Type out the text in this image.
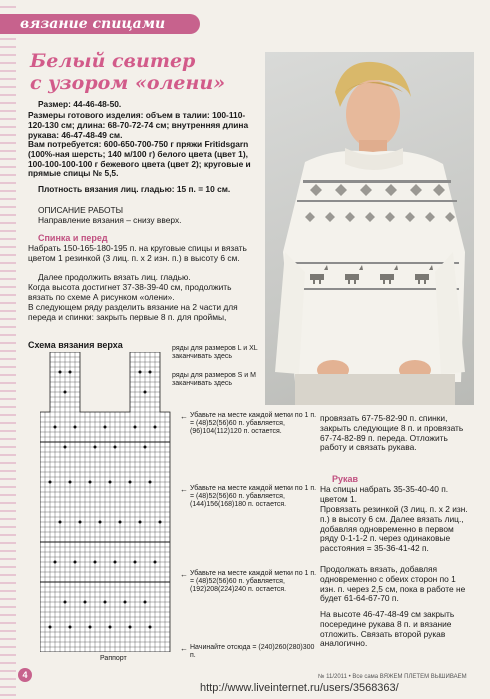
вязание спицами
Белый свитер
с узором «олени»
Размер: 44-46-48-50.
Размеры готового изделия: объем в талии: 100-110-120-130 см; длина: 68-70-72-74 см; внутренняя длина рукава: 46-47-48-49 см.
Вам потребуется: 600-650-700-750 г пряжи Fritidsgarn (100%-ная шерсть; 140 м/100 г) белого цвета (цвет 1), 100-100-100-100 г бежевого цвета (цвет 2); круговые и прямые спицы № 5,5.
Плотность вязания лиц. гладью: 15 п. = 10 см.
ОПИСАНИЕ РАБОТЫ
Направление вязания – снизу вверх.
Спинка и перед
Набрать 150-165-180-195 п. на круговые спицы и вязать цветом 1 резинкой (3 лиц. п. х 2 изн. п.) в высоту 6 см.
Далее продолжить вязать лиц. гладью.
Когда высота достигнет 37-38-39-40 см, продолжить вязать по схеме А рисунком «олени».
В следующем ряду разделить вязание на 2 части для переда и спинки: закрыть первые 8 п. для проймы,
Схема вязания верха	ряды для размеров L и XL заканчивать здесь
ряды для размеров S и M заканчивать здесь
← Убавьте на месте каждой метки по 1 п. = (48)52(56)60 п. убавляется, (96)104(112)120 п. остается.
← Убавьте на месте каждой метки по 1 п. = (48)52(56)60 п. убавляется, (144)156(168)180 п. остается.
← Убавьте на месте каждой метки по 1 п. = (48)52(56)60 п. убавляется, (192)208(224)240 п. остается.
← Начинайте отсюда = (240)260(280)300 п.
Раппорт
провязать 67-75-82-90 п. спинки, закрыть следующие 8 п. и провязать 67-74-82-89 п. переда. Отложить работу и связать рукава.
Рукав
На спицы набрать 35-35-40-40 п. цветом 1.
Провязать резинкой (3 лиц. п. х 2 изн. п.) в высоту 6 см. Далее вязать лиц., добавляя одновременно в первом ряду 0-1-1-2 п. через одинаковые расстояния = 35-36-41-42 п.
Продолжать вязать, добавляя одновременно с обеих сторон по 1 изн. п. через 2,5 см, пока в работе не будет 61-64-67-70 п.
На высоте 46-47-48-49 см закрыть посередине рукава 8 п. и вязание отложить. Связать второй рукав аналогично.
4	№ 11/2011 • Все сама ВЯЖЕМ ПЛЕТЕМ ВЫШИВАЕМ
http://www.liveinternet.ru/users/3568363/
